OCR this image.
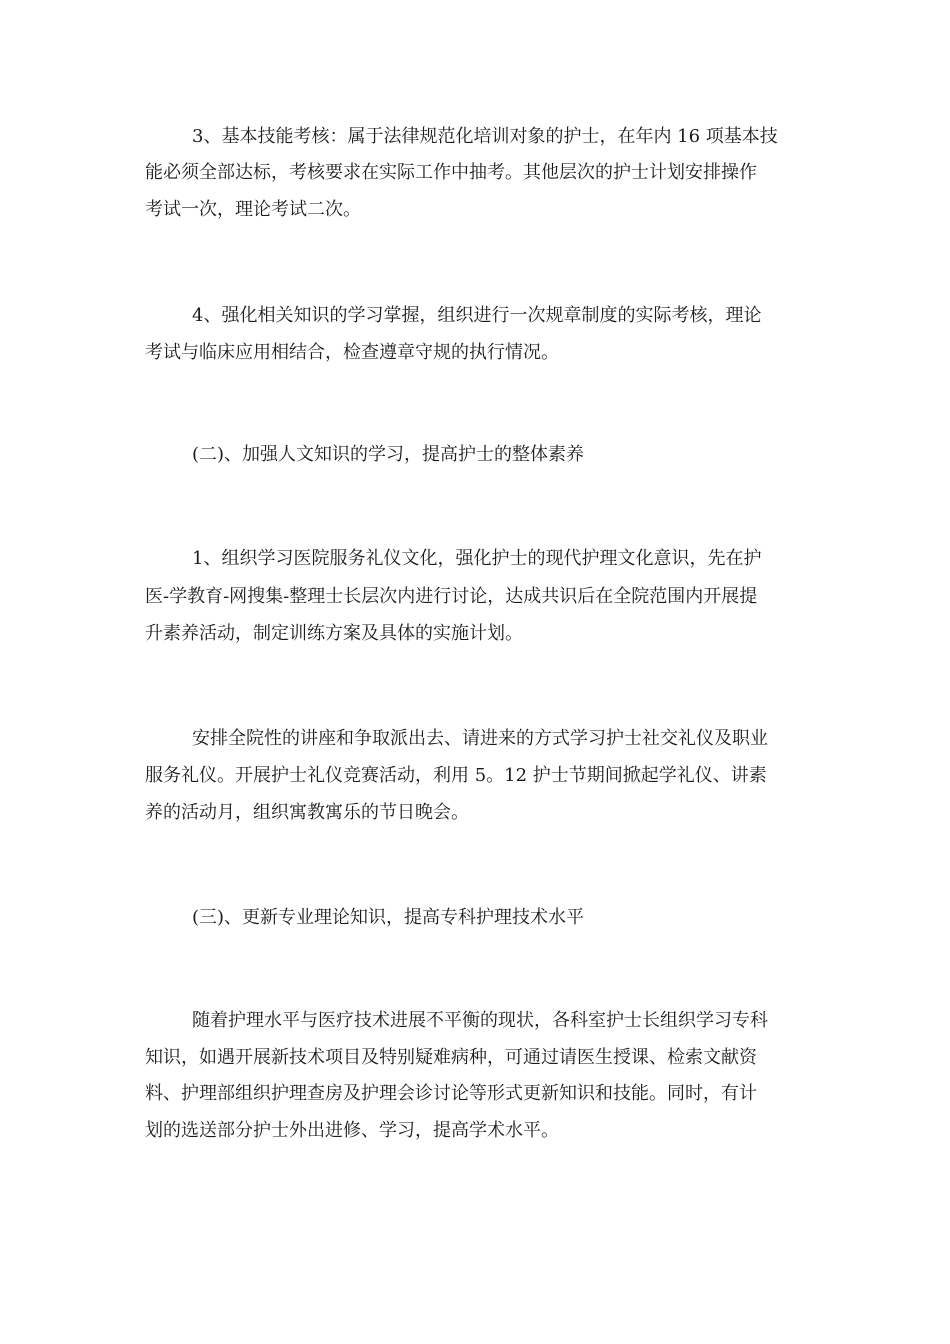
3、基本技能考核：属于法律规范化培训对象的护士，在年内 16 项基本技

能必须全部达标，考核要求在实际工作中抽考。其他层次的护士计划安排操作

考试一次，理论考试二次。

4、强化相关知识的学习掌握，组织进行一次规章制度的实际考核，理论

考试与临床应用相结合，检查遵章守规的执行情况。

(二)、加强人文知识的学习，提高护士的整体素养

1、组织学习医院服务礼仪文化，强化护士的现代护理文化意识，先在护

医-学教育-网搜集-整理士长层次内进行讨论，达成共识后在全院范围内开展提

升素养活动，制定训练方案及具体的实施计划。

安排全院性的讲座和争取派出去、请进来的方式学习护士社交礼仪及职业

服务礼仪。开展护士礼仪竞赛活动，利用 5。12 护士节期间掀起学礼仪、讲素

养的活动月，组织寓教寓乐的节日晚会。

(三)、更新专业理论知识，提高专科护理技术水平

随着护理水平与医疗技术进展不平衡的现状，各科室护士长组织学习专科

知识，如遇开展新技术项目及特别疑难病种，可通过请医生授课、检索文献资

料、护理部组织护理查房及护理会诊讨论等形式更新知识和技能。同时，有计

划的选送部分护士外出进修、学习，提高学术水平。
